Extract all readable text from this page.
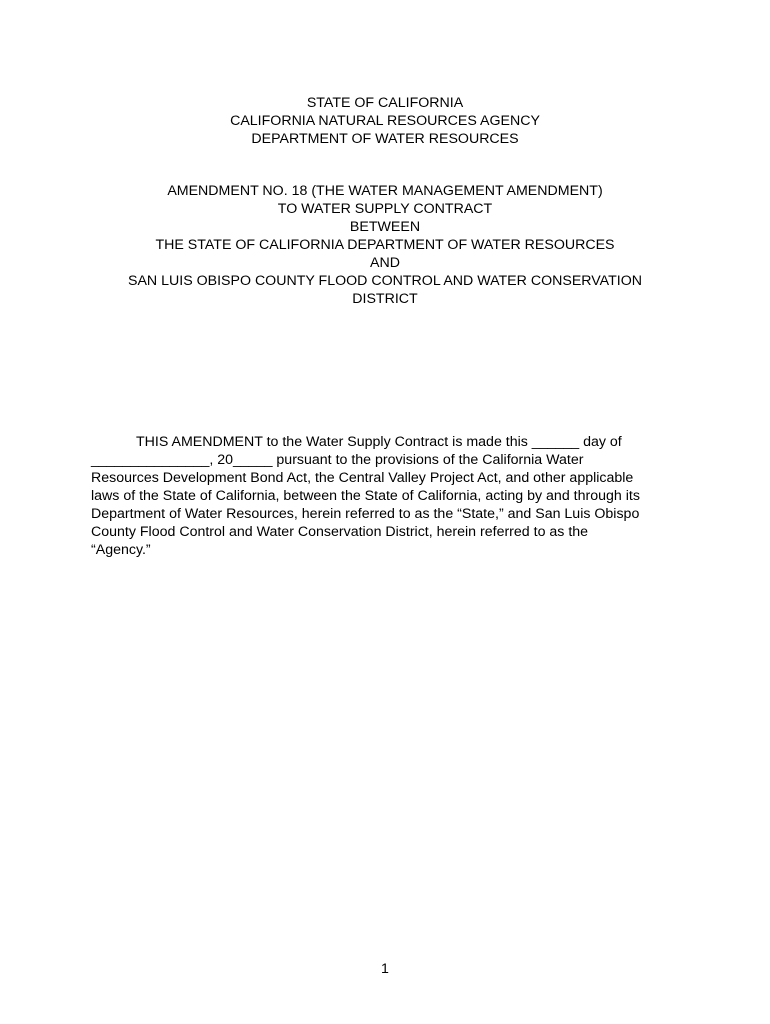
STATE OF CALIFORNIA
CALIFORNIA NATURAL RESOURCES AGENCY
DEPARTMENT OF WATER RESOURCES
AMENDMENT NO. 18 (THE WATER MANAGEMENT AMENDMENT)
TO WATER SUPPLY CONTRACT
BETWEEN
THE STATE OF CALIFORNIA DEPARTMENT OF WATER RESOURCES
AND
SAN LUIS OBISPO COUNTY FLOOD CONTROL AND WATER CONSERVATION
DISTRICT
THIS AMENDMENT to the Water Supply Contract is made this ______ day of
_______________, 20_____ pursuant to the provisions of the California Water
Resources Development Bond Act, the Central Valley Project Act, and other applicable
laws of the State of California, between the State of California, acting by and through its
Department of Water Resources, herein referred to as the “State,” and San Luis Obispo
County Flood Control and Water Conservation District, herein referred to as the
“Agency.”
1
